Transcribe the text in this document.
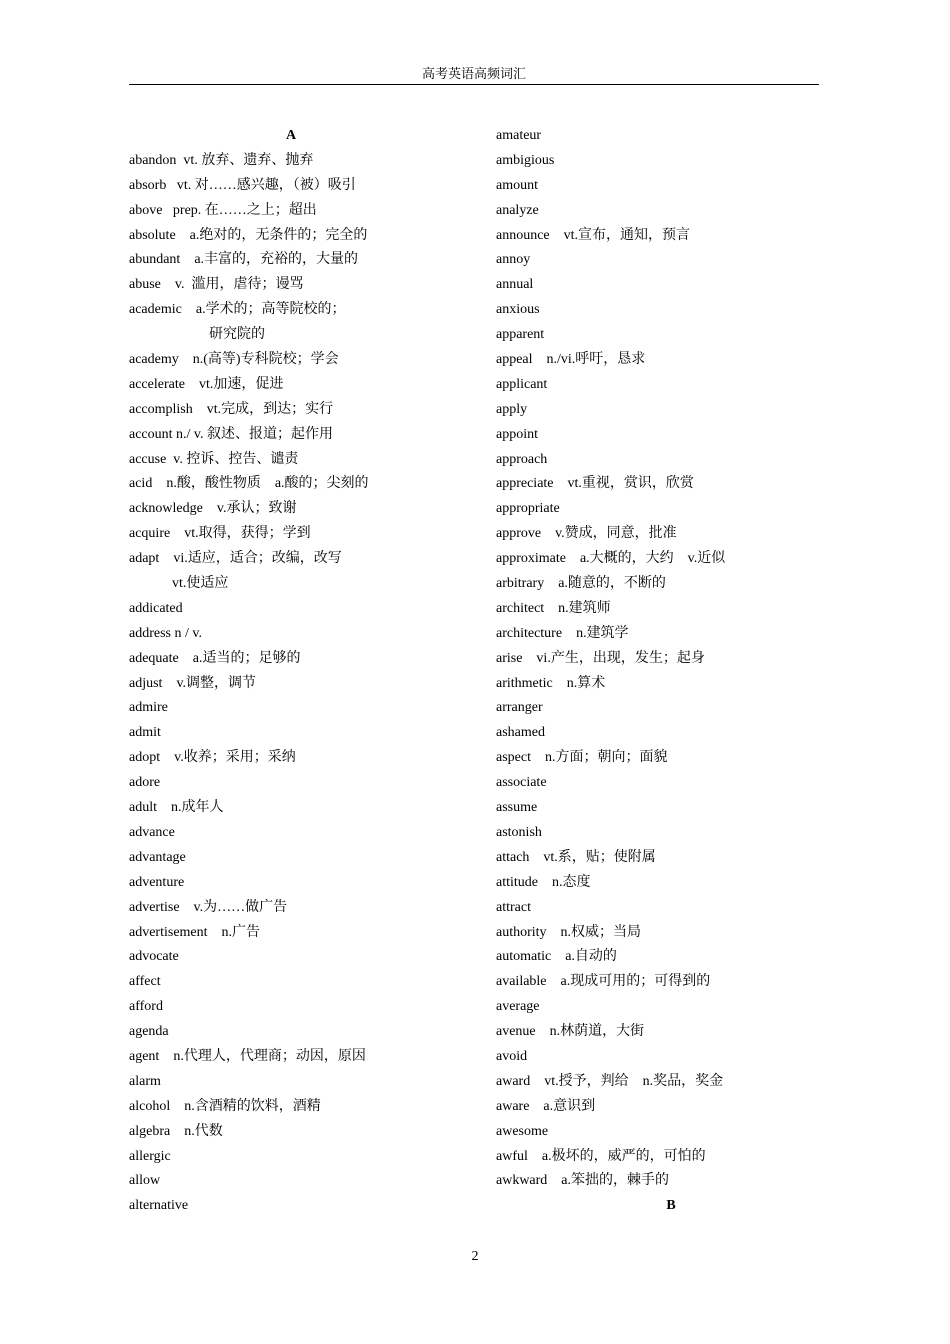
高考英语高频词汇
A
abandon  vt. 放弃、遗弃、抛弃
absorb   vt. 对……感兴趣，（被）吸引
above   prep. 在……之上；超出
absolute    a.绝对的，无条件的；完全的
abundant    a.丰富的，充裕的，大量的
abuse    v.  滥用，虐待；谩骂
academic    a.学术的；高等院校的；
研究院的
academy    n.(高等)专科院校；学会
accelerate    vt.加速，促进
accomplish    vt.完成，到达；实行
account n./ v. 叙述、报道；起作用
accuse  v. 控诉、控告、谴责
acid    n.酸，酸性物质    a.酸的；尖刻的
acknowledge    v.承认；致谢
acquire    vt.取得，获得；学到
adapt    vi.适应，适合；改编，改写
vt.使适应
addicated
address n / v.
adequate    a.适当的；足够的
adjust    v.调整，调节
admire
admit
adopt    v.收养；采用；采纳
adore
adult    n.成年人
advance
advantage
adventure
advertise    v.为……做广告
advertisement    n.广告
advocate
affect
afford
agenda
agent    n.代理人，代理商；动因，原因
alarm
alcohol    n.含酒精的饮料，酒精
algebra    n.代数
allergic
allow
alternative
amateur
ambigious
amount
analyze
announce    vt.宣布，通知，预言
annoy
annual
anxious
apparent
appeal    n./vi.呼吁，恳求
applicant
apply
appoint
approach
appreciate    vt.重视，赏识，欣赏
appropriate
approve    v.赞成，同意，批准
approximate    a.大概的，大约    v.近似
arbitrary    a.随意的，不断的
architect    n.建筑师
architecture    n.建筑学
arise    vi.产生，出现，发生；起身
arithmetic    n.算术
arranger
ashamed
aspect    n.方面；朝向；面貌
associate
assume
astonish
attach    vt.系，贴；使附属
attitude    n.态度
attract
authority    n.权威；当局
automatic    a.自动的
available    a.现成可用的；可得到的
average
avenue    n.林荫道，大街
avoid
award    vt.授予，判给    n.奖品，奖金
aware    a.意识到
awesome
awful    a.极坏的，威严的，可怕的
awkward    a.笨拙的，棘手的
B
2
